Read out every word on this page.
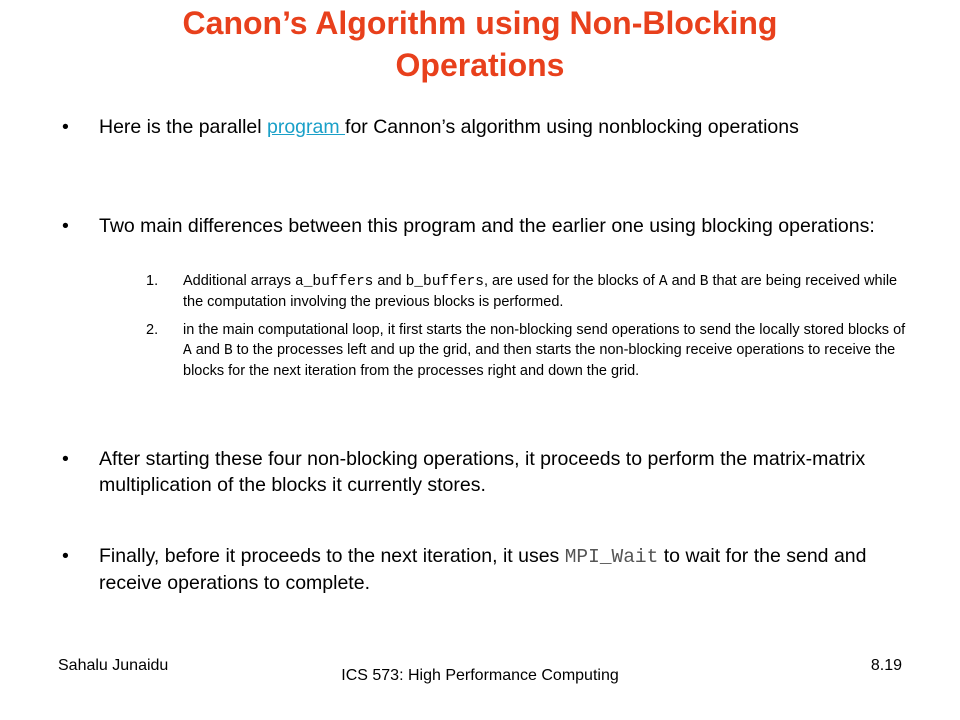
Canon’s Algorithm using Non-Blocking
Operations
• Here is the parallel program for Cannon’s algorithm using nonblocking operations
• Two main differences between this program and the earlier one using blocking operations:
1. Additional arrays a_buffers and b_buffers, are used for the blocks of A and B that are being received while the computation involving the previous blocks is performed.
2. in the main computational loop, it first starts the non-blocking send operations to send the locally stored blocks of A and B to the processes left and up the grid, and then starts the non-blocking receive operations to receive the blocks for the next iteration from the processes right and down the grid.
• After starting these four non-blocking operations, it proceeds to perform the matrix-matrix multiplication of the blocks it currently stores.
• Finally, before it proceeds to the next iteration, it uses MPI_Wait to wait for the send and receive operations to complete.
Sahalu Junaidu
ICS 573: High Performance Computing
8.19
